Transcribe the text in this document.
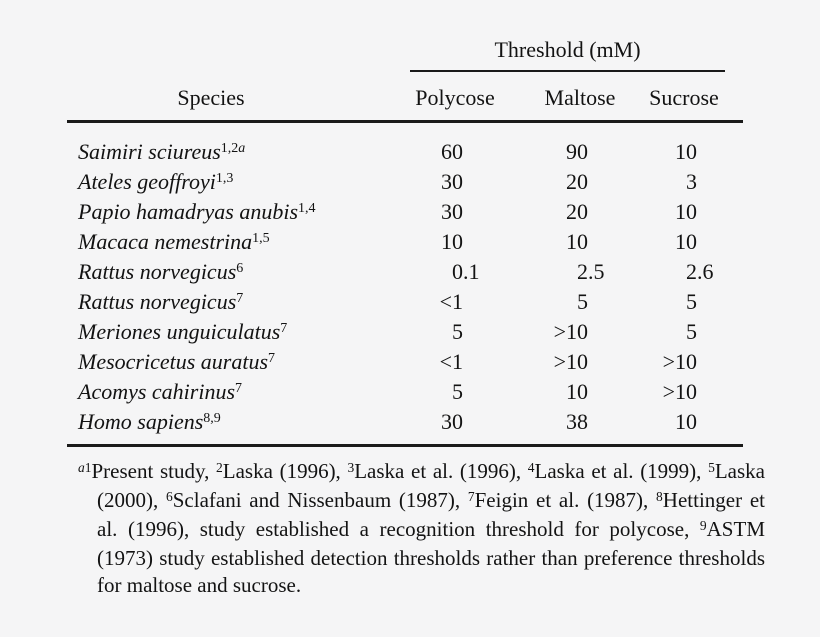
Threshold (mM)
Species	Polycose	Maltose	Sucrose
Saimiri sciureus$^{1,2a}$	60	90	10
Ateles geoffroyi$^{1,3}$	30	20	3
Papio hamadryas anubis$^{1,4}$	30	20	10
Macaca nemestrina$^{1,5}$	10	10	10
Rattus norvegicus$^6$	0 .1	2 .5	2 .6
Rattus norvegicus$^7$	<1	5	5
Meriones unguiculatus$^7$	5	>10	5
Mesocricetus auratus$^7$	<1	>10	>10
Acomys cahirinus$^7$	5	10	>10
Homo sapiens$^{8,9}$	30	38	10
$^{a1}$Present study, $^2$Laska (1996), $^3$Laska et al. (1996), $^4$Laska et al. (1999), $^5$Laska (2000), $^6$Sclafani and Nissenbaum (1987), $^7$Feigin et al. (1987), $^8$Hettinger et al. (1996), study established a recognition threshold for polycose, $^9$ASTM (1973) study established detection thresholds rather than preference thresholds for maltose and sucrose.
